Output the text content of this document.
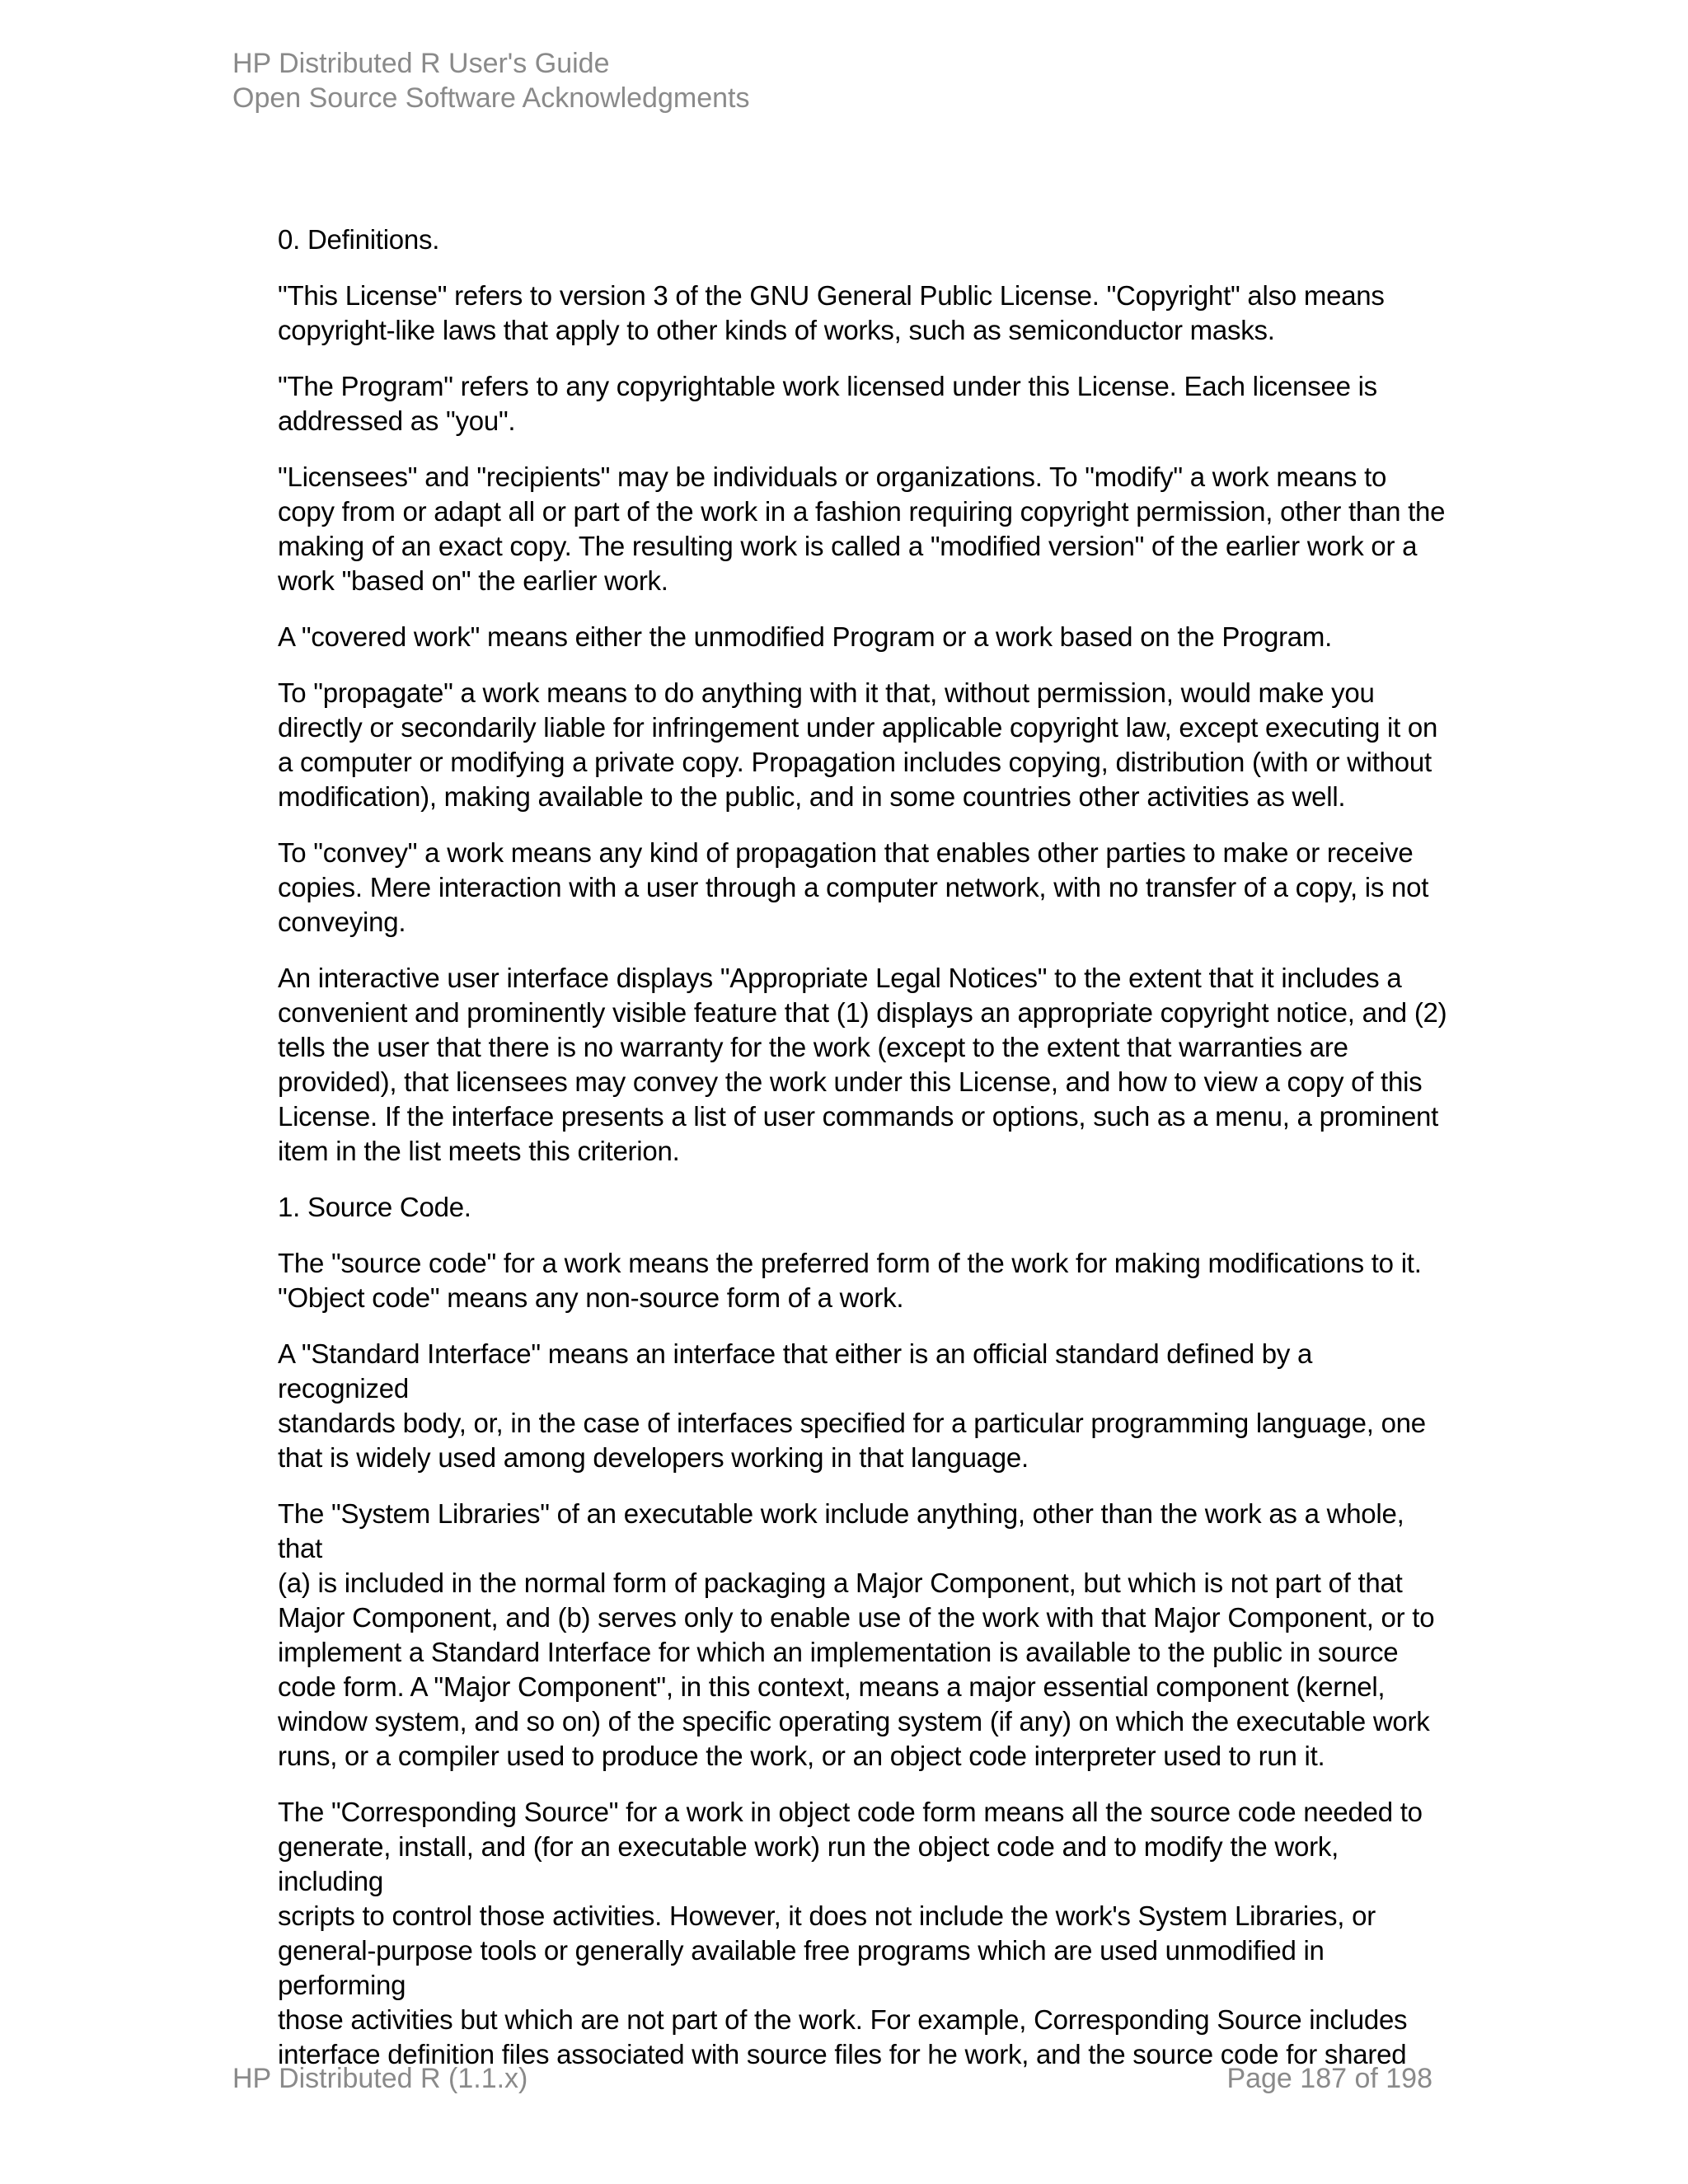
HP Distributed R User's Guide
Open Source Software Acknowledgments

0. Definitions.

"This License" refers to version 3 of the GNU General Public License. "Copyright" also means
copyright-like laws that apply to other kinds of works, such as semiconductor masks.

"The Program" refers to any copyrightable work licensed under this License. Each licensee is
addressed as "you".

"Licensees" and "recipients" may be individuals or organizations. To "modify" a work means to
copy from or adapt all or part of the work in a fashion requiring copyright permission, other than the
making of an exact copy. The resulting work is called a "modified version" of the earlier work or a
work "based on" the earlier work.

A "covered work" means either the unmodified Program or a work based on the Program.

To "propagate" a work means to do anything with it that, without permission, would make you
directly or secondarily liable for infringement under applicable copyright law, except executing it on
a computer or modifying a private copy. Propagation includes copying, distribution (with or without
modification), making available to the public, and in some countries other activities as well.

To "convey" a work means any kind of propagation that enables other parties to make or receive
copies. Mere interaction with a user through a computer network, with no transfer of a copy, is not
conveying.

An interactive user interface displays "Appropriate Legal Notices" to the extent that it includes a
convenient and prominently visible feature that (1) displays an appropriate copyright notice, and (2)
tells the user that there is no warranty for the work (except to the extent that warranties are
provided), that licensees may convey the work under this License, and how to view a copy of this
License. If the interface presents a list of user commands or options, such as a menu, a prominent
item in the list meets this criterion.

1. Source Code.

The "source code" for a work means the preferred form of the work for making modifications to it.
"Object code" means any non-source form of a work.

A "Standard Interface" means an interface that either is an official standard defined by a recognized
standards body, or, in the case of interfaces specified for a particular programming language, one
that is widely used among developers working in that language.

The "System Libraries" of an executable work include anything, other than the work as a whole, that
(a) is included in the normal form of packaging a Major Component, but which is not part of that
Major Component, and (b) serves only to enable use of the work with that Major Component, or to
implement a Standard Interface for which an implementation is available to the public in source
code form. A "Major Component", in this context, means a major essential component (kernel,
window system, and so on) of the specific operating system (if any) on which the executable work
runs, or a compiler used to produce the work, or an object code interpreter used to run it.

The "Corresponding Source" for a work in object code form means all the source code needed to
generate, install, and (for an executable work) run the object code and to modify the work, including
scripts to control those activities. However, it does not include the work's System Libraries, or
general-purpose tools or generally available free programs which are used unmodified in performing
those activities but which are not part of the work. For example, Corresponding Source includes
interface definition files associated with source files for he work, and the source code for shared

HP Distributed R (1.1.x)	Page 187 of 198
